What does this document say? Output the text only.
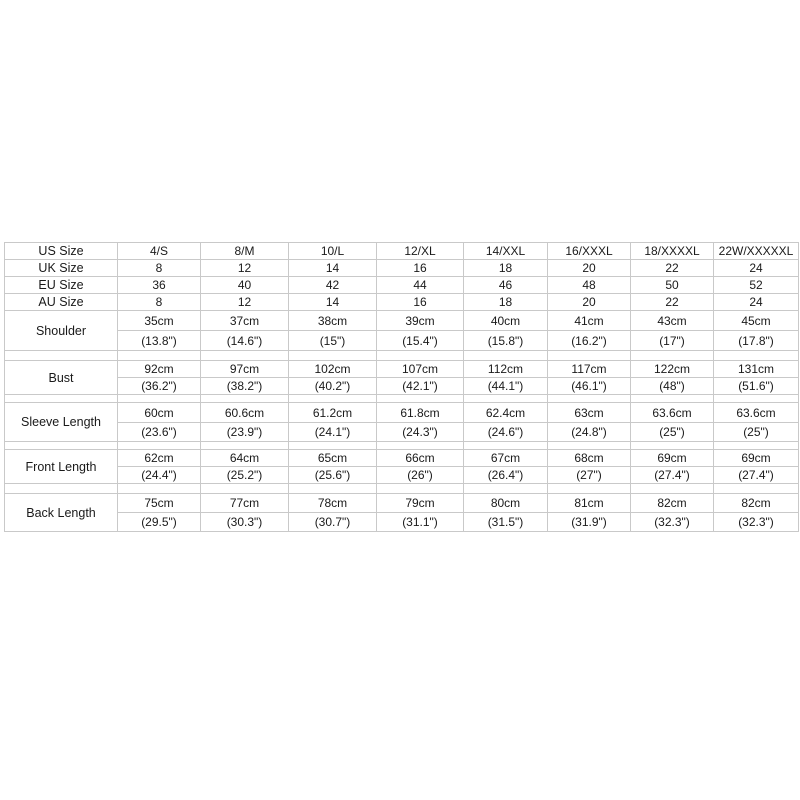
US Size	4/S	8/M	10/L	12/XL	14/XXL	16/XXXL	18/XXXXL	22W/XXXXXL
UK Size	8	12	14	16	18	20	22	24
EU Size	36	40	42	44	46	48	50	52
AU Size	8	12	14	16	18	20	22	24
Shoulder	35cm	37cm	38cm	39cm	40cm	41cm	43cm	45cm
	(13.8")	(14.6")	(15")	(15.4")	(15.8")	(16.2")	(17")	(17.8")

Bust	92cm	97cm	102cm	107cm	112cm	117cm	122cm	131cm
	(36.2")	(38.2")	(40.2")	(42.1")	(44.1")	(46.1")	(48")	(51.6")

Sleeve Length	60cm	60.6cm	61.2cm	61.8cm	62.4cm	63cm	63.6cm	63.6cm
	(23.6")	(23.9")	(24.1")	(24.3")	(24.6")	(24.8")	(25")	(25")

Front Length	62cm	64cm	65cm	66cm	67cm	68cm	69cm	69cm
	(24.4")	(25.2")	(25.6")	(26")	(26.4")	(27")	(27.4")	(27.4")

Back Length	75cm	77cm	78cm	79cm	80cm	81cm	82cm	82cm
	(29.5")	(30.3")	(30.7")	(31.1")	(31.5")	(31.9")	(32.3")	(32.3")
